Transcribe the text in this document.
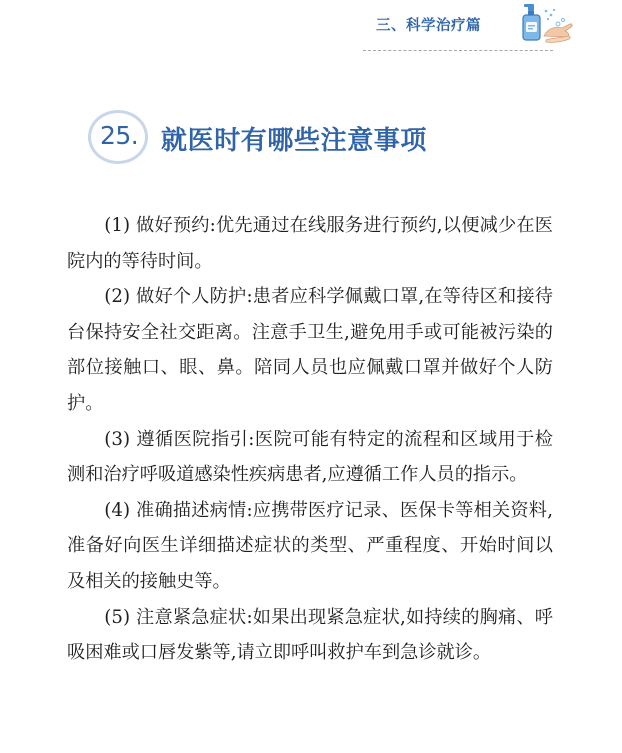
三、科学治疗篇
25. 就医时有哪些注意事项

(1) 做好预约:优先通过在线服务进行预约,以便减少在医院内的等待时间。

(2) 做好个人防护:患者应科学佩戴口罩,在等待区和接待台保持安全社交距离。注意手卫生,避免用手或可能被污染的部位接触口、眼、鼻。陪同人员也应佩戴口罩并做好个人防护。

(3) 遵循医院指引:医院可能有特定的流程和区域用于检测和治疗呼吸道感染性疾病患者,应遵循工作人员的指示。

(4) 准确描述病情:应携带医疗记录、医保卡等相关资料,准备好向医生详细描述症状的类型、严重程度、开始时间以及相关的接触史等。

(5) 注意紧急症状:如果出现紧急症状,如持续的胸痛、呼吸困难或口唇发紫等,请立即呼叫救护车到急诊就诊。
